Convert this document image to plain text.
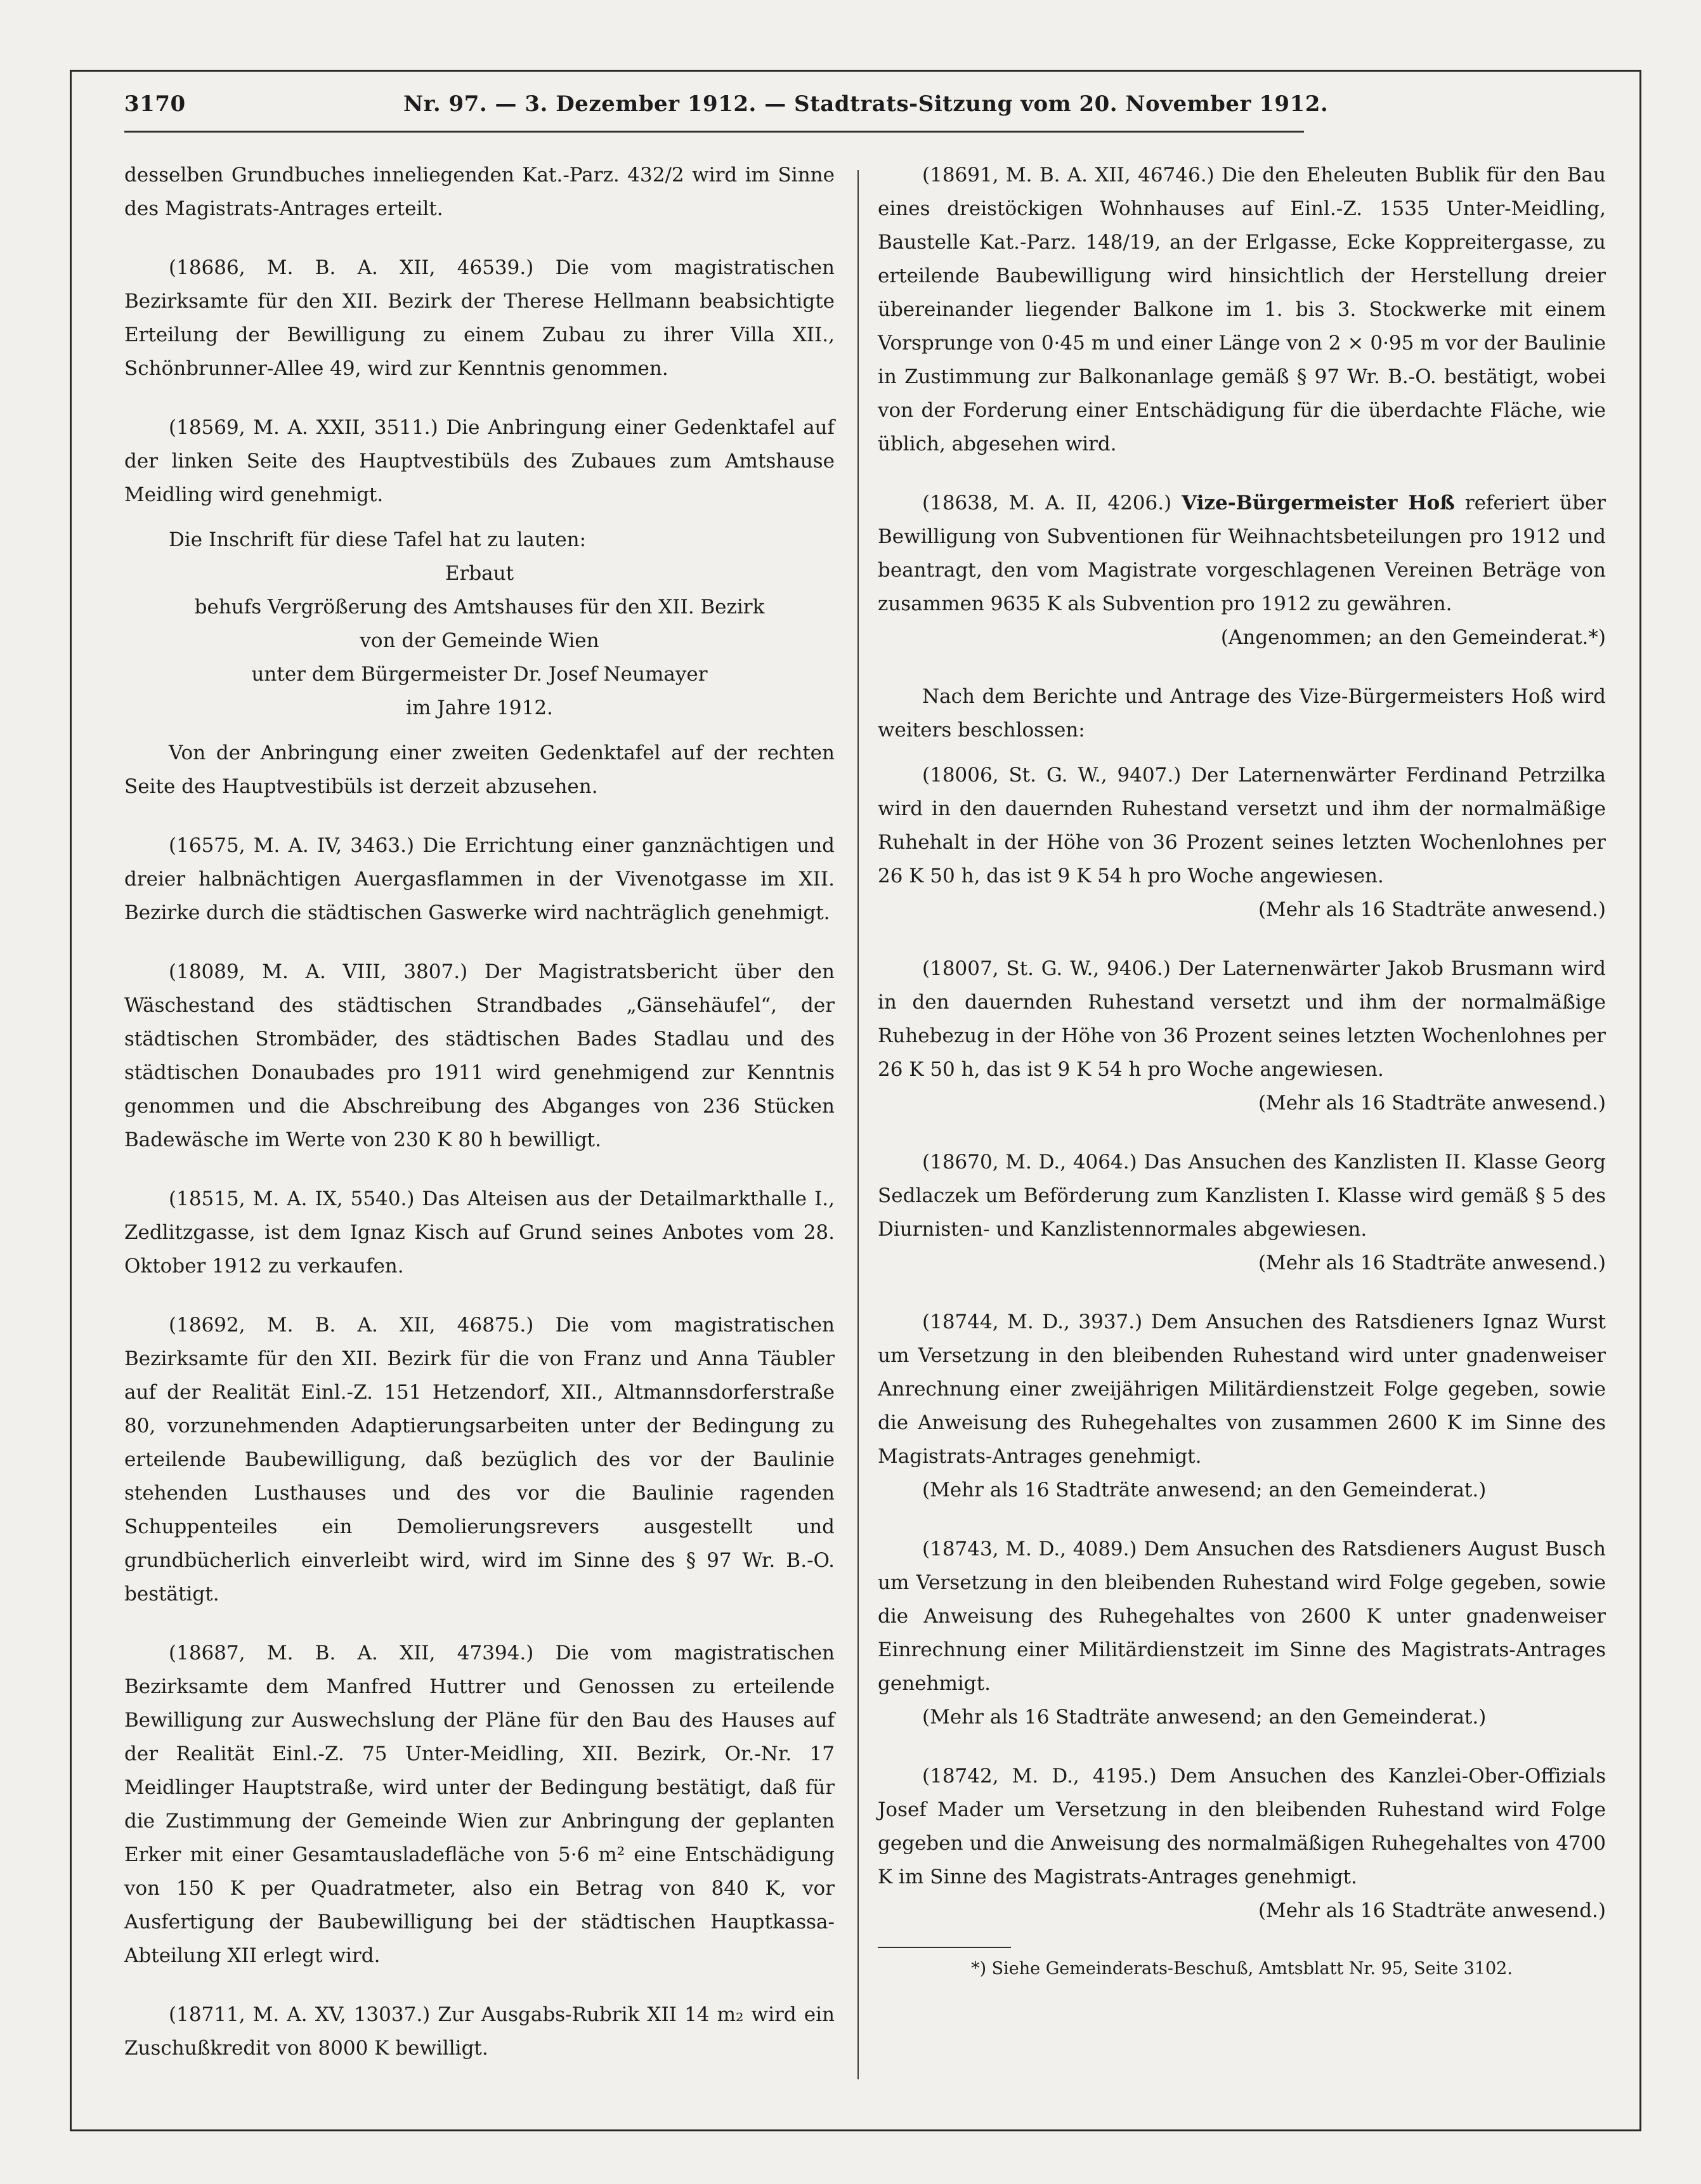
3170	Nr. 97. — 3. Dezember 1912. — Stadtrats-Sitzung vom 20. November 1912.

desselben Grundbuches inneliegenden Kat.-Parz. 432/2 wird im Sinne des Magistrats-Antrages erteilt.

(18686, M. B. A. XII, 46539.) Die vom magistratischen Bezirksamte für den XII. Bezirk der Therese Hellmann beabsichtigte Erteilung der Bewilligung zu einem Zubau zu ihrer Villa XII., Schönbrunner-Allee 49, wird zur Kenntnis genommen.

(18569, M. A. XXII, 3511.) Die Anbringung einer Gedenktafel auf der linken Seite des Hauptvestibüls des Zubaues zum Amtshause Meidling wird genehmigt.

Die Inschrift für diese Tafel hat zu lauten:

Erbaut

behufs Vergrößerung des Amtshauses für den XII. Bezirk

von der Gemeinde Wien

unter dem Bürgermeister Dr. Josef Neumayer

im Jahre 1912.

Von der Anbringung einer zweiten Gedenktafel auf der rechten Seite des Hauptvestibüls ist derzeit abzusehen.

(16575, M. A. IV, 3463.) Die Errichtung einer ganznächtigen und dreier halbnächtigen Auergasflammen in der Vivenotgasse im XII. Bezirke durch die städtischen Gaswerke wird nachträglich genehmigt.

(18089, M. A. VIII, 3807.) Der Magistratsbericht über den Wäschestand des städtischen Strandbades „Gänsehäufel“, der städtischen Strombäder, des städtischen Bades Stadlau und des städtischen Donaubades pro 1911 wird genehmigend zur Kenntnis genommen und die Abschreibung des Abganges von 236 Stücken Badewäsche im Werte von 230 K 80 h bewilligt.

(18515, M. A. IX, 5540.) Das Alteisen aus der Detailmarkthalle I., Zedlitzgasse, ist dem Ignaz Kisch auf Grund seines Anbotes vom 28. Oktober 1912 zu verkaufen.

(18692, M. B. A. XII, 46875.) Die vom magistratischen Bezirksamte für den XII. Bezirk für die von Franz und Anna Täubler auf der Realität Einl.-Z. 151 Hetzendorf, XII., Altmannsdorferstraße 80, vorzunehmenden Adaptierungsarbeiten unter der Bedingung zu erteilende Baubewilligung, daß bezüglich des vor der Baulinie stehenden Lusthauses und des vor die Baulinie ragenden Schuppenteiles ein Demolierungsrevers ausgestellt und grundbücherlich einverleibt wird, wird im Sinne des § 97 Wr. B.-O. bestätigt.

(18687, M. B. A. XII, 47394.) Die vom magistratischen Bezirksamte dem Manfred Huttrer und Genossen zu erteilende Bewilligung zur Auswechslung der Pläne für den Bau des Hauses auf der Realität Einl.-Z. 75 Unter-Meidling, XII. Bezirk, Or.-Nr. 17 Meidlinger Hauptstraße, wird unter der Bedingung bestätigt, daß für die Zustimmung der Gemeinde Wien zur Anbringung der geplanten Erker mit einer Gesamtausladefläche von 5·6 m² eine Entschädigung von 150 K per Quadratmeter, also ein Betrag von 840 K, vor Ausfertigung der Baubewilligung bei der städtischen Hauptkassa-Abteilung XII erlegt wird.

(18711, M. A. XV, 13037.) Zur Ausgabs-Rubrik XII 14 m₂ wird ein Zuschußkredit von 8000 K bewilligt.

(18691, M. B. A. XII, 46746.) Die den Eheleuten Bublik für den Bau eines dreistöckigen Wohnhauses auf Einl.-Z. 1535 Unter-Meidling, Baustelle Kat.-Parz. 148/19, an der Erlgasse, Ecke Koppreitergasse, zu erteilende Baubewilligung wird hinsichtlich der Herstellung dreier übereinander liegender Balkone im 1. bis 3. Stockwerke mit einem Vorsprunge von 0·45 m und einer Länge von 2 × 0·95 m vor der Baulinie in Zustimmung zur Balkonanlage gemäß § 97 Wr. B.-O. bestätigt, wobei von der Forderung einer Entschädigung für die überdachte Fläche, wie üblich, abgesehen wird.

(18638, M. A. II, 4206.) Vize-Bürgermeister Hoß referiert über Bewilligung von Subventionen für Weihnachtsbeteilungen pro 1912 und beantragt, den vom Magistrate vorgeschlagenen Vereinen Beträge von zusammen 9635 K als Subvention pro 1912 zu gewähren.

(Angenommen; an den Gemeinderat.*)

Nach dem Berichte und Antrage des Vize-Bürgermeisters Hoß wird weiters beschlossen:

(18006, St. G. W., 9407.) Der Laternenwärter Ferdinand Petrzilka wird in den dauernden Ruhestand versetzt und ihm der normalmäßige Ruhehalt in der Höhe von 36 Prozent seines letzten Wochenlohnes per 26 K 50 h, das ist 9 K 54 h pro Woche angewiesen.

(Mehr als 16 Stadträte anwesend.)

(18007, St. G. W., 9406.) Der Laternenwärter Jakob Brusmann wird in den dauernden Ruhestand versetzt und ihm der normalmäßige Ruhebezug in der Höhe von 36 Prozent seines letzten Wochenlohnes per 26 K 50 h, das ist 9 K 54 h pro Woche angewiesen.

(Mehr als 16 Stadträte anwesend.)

(18670, M. D., 4064.) Das Ansuchen des Kanzlisten II. Klasse Georg Sedlaczek um Beförderung zum Kanzlisten I. Klasse wird gemäß § 5 des Diurnisten- und Kanzlistennormales abgewiesen.

(Mehr als 16 Stadträte anwesend.)

(18744, M. D., 3937.) Dem Ansuchen des Ratsdieners Ignaz Wurst um Versetzung in den bleibenden Ruhestand wird unter gnadenweiser Anrechnung einer zweijährigen Militärdienstzeit Folge gegeben, sowie die Anweisung des Ruhegehaltes von zusammen 2600 K im Sinne des Magistrats-Antrages genehmigt.

(Mehr als 16 Stadträte anwesend; an den Gemeinderat.)

(18743, M. D., 4089.) Dem Ansuchen des Ratsdieners August Busch um Versetzung in den bleibenden Ruhestand wird Folge gegeben, sowie die Anweisung des Ruhegehaltes von 2600 K unter gnadenweiser Einrechnung einer Militärdienstzeit im Sinne des Magistrats-Antrages genehmigt.

(Mehr als 16 Stadträte anwesend; an den Gemeinderat.)

(18742, M. D., 4195.) Dem Ansuchen des Kanzlei-Ober-Offizials Josef Mader um Versetzung in den bleibenden Ruhestand wird Folge gegeben und die Anweisung des normalmäßigen Ruhegehaltes von 4700 K im Sinne des Magistrats-Antrages genehmigt.

(Mehr als 16 Stadträte anwesend.)

*) Siehe Gemeinderats-Beschuß, Amtsblatt Nr. 95, Seite 3102.
